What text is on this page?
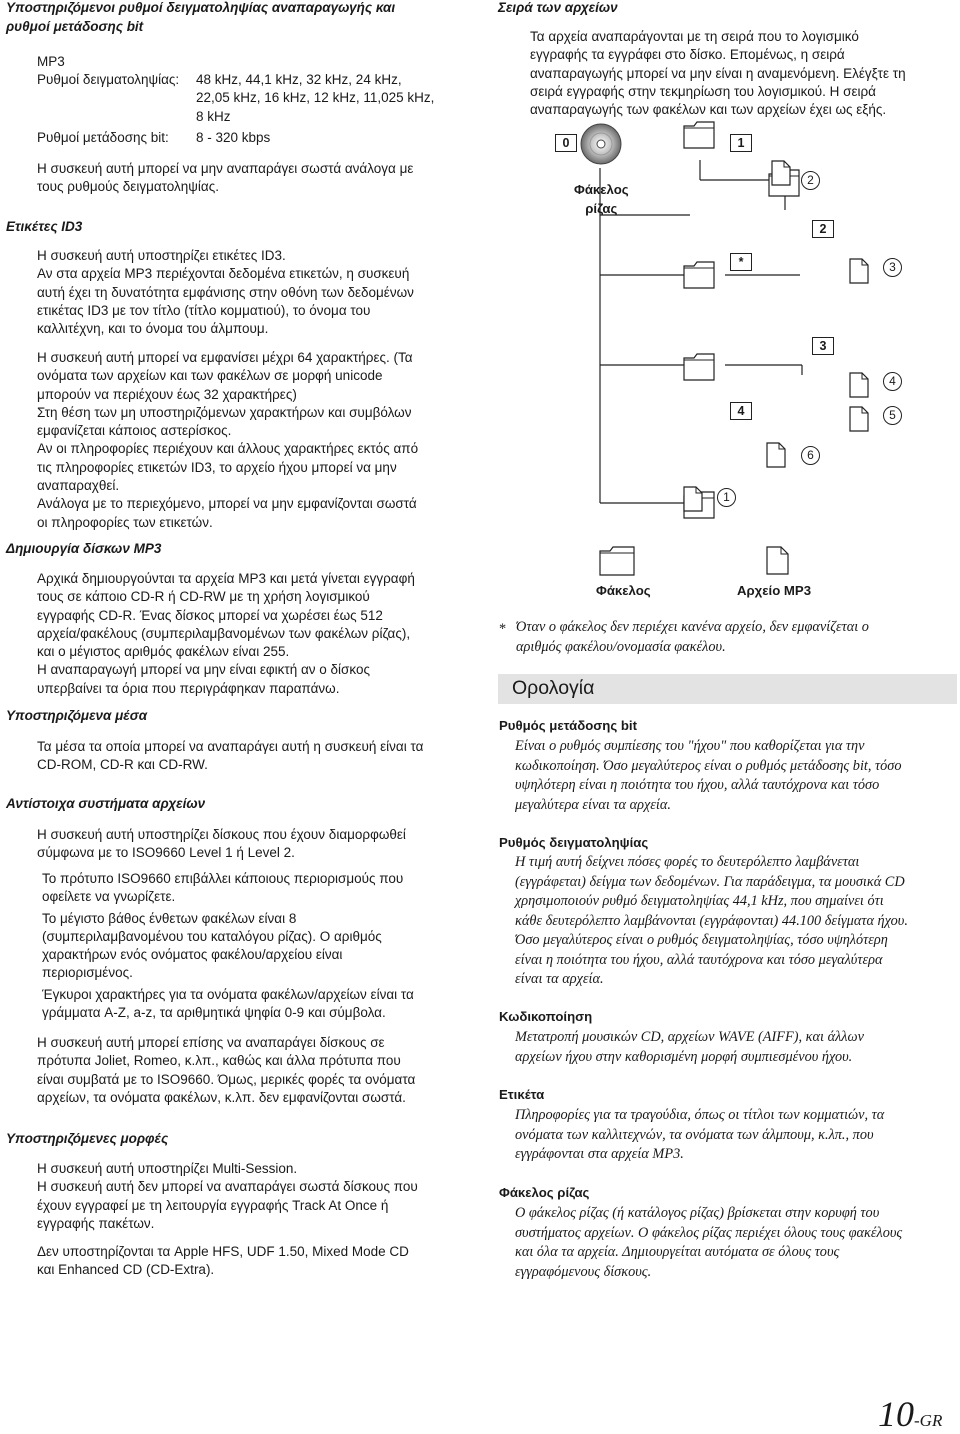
Υποστηριζόμενοι ρυθμοί δειγματοληψίας αναπαραγωγής και
ρυθμοί μετάδοσης bit
MP3
Ρυθμοί δειγματοληψίας: 48 kHz, 44,1 kHz, 32 kHz, 24 kHz,
22,05 kHz, 16 kHz, 12 kHz, 11,025 kHz,
8 kHz
Ρυθμοί μετάδοσης bit: 8 - 320 kbps
Η συσκευή αυτή μπορεί να μην αναπαράγει σωστά ανάλογα με
τους ρυθμούς δειγματοληψίας.
Ετικέτες ID3
Η συσκευή αυτή υποστηρίζει ετικέτες ID3.
Αν στα αρχεία MP3 περιέχονται δεδομένα ετικετών, η συσκευή
αυτή έχει τη δυνατότητα εμφάνισης στην οθόνη των δεδομένων
ετικέτας ID3 με τον τίτλο (τίτλο κομματιού), το όνομα του
καλλιτέχνη, και το όνομα του άλμπουμ.
Η συσκευή αυτή μπορεί να εμφανίσει μέχρι 64 χαρακτήρες. (Τα
ονόματα των αρχείων και των φακέλων σε μορφή unicode
μπορούν να περιέχουν έως 32 χαρακτήρες)
Στη θέση των μη υποστηριζόμενων χαρακτήρων και συμβόλων
εμφανίζεται κάποιος αστερίσκος.
Αν οι πληροφορίες περιέχουν και άλλους χαρακτήρες εκτός από
τις πληροφορίες ετικετών ID3, το αρχείο ήχου μπορεί να μην
αναπαραχθεί.
Ανάλογα με το περιεχόμενο, μπορεί να μην εμφανίζονται σωστά
οι πληροφορίες των ετικετών.
Δημιουργία δίσκων MP3
Αρχικά δημιουργούνται τα αρχεία MP3 και μετά γίνεται εγγραφή
τους σε κάποιο CD-R ή CD-RW με τη χρήση λογισμικού
εγγραφής CD-R. Ένας δίσκος μπορεί να χωρέσει έως 512
αρχεία/φακέλους (συμπεριλαμβανομένων των φακέλων ρίζας),
και ο μέγιστος αριθμός φακέλων είναι 255.
Η αναπαραγωγή μπορεί να μην είναι εφικτή αν ο δίσκος
υπερβαίνει τα όρια που περιγράφηκαν παραπάνω.
Υποστηριζόμενα μέσα
Τα μέσα τα οποία μπορεί να αναπαράγει αυτή η συσκευή είναι τα
CD-ROM, CD-R και CD-RW.
Αντίστοιχα συστήματα αρχείων
Η συσκευή αυτή υποστηρίζει δίσκους που έχουν διαμορφωθεί
σύμφωνα με το ISO9660 Level 1 ή Level 2.
Το πρότυπο ISO9660 επιβάλλει κάποιους περιορισμούς που
οφείλετε να γνωρίζετε.
Το μέγιστο βάθος ένθετων φακέλων είναι 8
(συμπεριλαμβανομένου του καταλόγου ρίζας). Ο αριθμός
χαρακτήρων ενός ονόματος φακέλου/αρχείου είναι
περιορισμένος.
Έγκυροι χαρακτήρες για τα ονόματα φακέλων/αρχείων είναι τα
γράμματα A-Z, a-z, τα αριθμητικά ψηφία 0-9 και σύμβολα.
Η συσκευή αυτή μπορεί επίσης να αναπαράγει δίσκους σε
πρότυπα Joliet, Romeo, κ.λπ., καθώς και άλλα πρότυπα που
είναι συμβατά με το ISO9660. Όμως, μερικές φορές τα ονόματα
αρχείων, τα ονόματα φακέλων, κ.λπ. δεν εμφανίζονται σωστά.
Υποστηριζόμενες μορφές
Η συσκευή αυτή υποστηρίζει Multi-Session.
Η συσκευή αυτή δεν μπορεί να αναπαράγει σωστά δίσκους που
έχουν εγγραφεί με τη λειτουργία εγγραφής Track At Once ή
εγγραφής πακέτων.
Δεν υποστηρίζονται τα Apple HFS, UDF 1.50, Mixed Mode CD
και Enhanced CD (CD-Extra).
Σειρά των αρχείων
Τα αρχεία αναπαράγονται με τη σειρά που το λογισμικό
εγγραφής τα εγγράφει στο δίσκο. Επομένως, η σειρά
αναπαραγωγής μπορεί να μην είναι η αναμενόμενη. Ελέγξτε τη
σειρά εγγραφής στην τεκμηρίωση του λογισμικού. Η σειρά
αναπαραγωγής των φακέλων και των αρχείων έχει ως εξής.
0	1
Φάκελος
ρίζας
2
*
3
4
2
3
4
5
6
1
Φάκελος	Αρχείο MP3
* Όταν ο φάκελος δεν περιέχει κανένα αρχείο, δεν εμφανίζεται ο
αριθμός φακέλου/ονομασία φακέλου.
Ορολογία
Ρυθμός μετάδοσης bit
Είναι ο ρυθμός συμπίεσης του "ήχου" που καθορίζεται για την
κωδικοποίηση. Όσο μεγαλύτερος είναι ο ρυθμός μετάδοσης bit, τόσο
υψηλότερη είναι η ποιότητα του ήχου, αλλά ταυτόχρονα και τόσο
μεγαλύτερα είναι τα αρχεία.
Ρυθμός δειγματοληψίας
Η τιμή αυτή δείχνει πόσες φορές το δευτερόλεπτο λαμβάνεται
(εγγράφεται) δείγμα των δεδομένων. Για παράδειγμα, τα μουσικά CD
χρησιμοποιούν ρυθμό δειγματοληψίας 44,1 kHz, που σημαίνει ότι
κάθε δευτερόλεπτο λαμβάνονται (εγγράφονται) 44.100 δείγματα ήχου.
Όσο μεγαλύτερος είναι ο ρυθμός δειγματοληψίας, τόσο υψηλότερη
είναι η ποιότητα του ήχου, αλλά ταυτόχρονα και τόσο μεγαλύτερα
είναι τα αρχεία.
Κωδικοποίηση
Μετατροπή μουσικών CD, αρχείων WAVE (AIFF), και άλλων
αρχείων ήχου στην καθορισμένη μορφή συμπιεσμένου ήχου.
Ετικέτα
Πληροφορίες για τα τραγούδια, όπως οι τίτλοι των κομματιών, τα
ονόματα των καλλιτεχνών, τα ονόματα των άλμπουμ, κ.λπ., που
εγγράφονται στα αρχεία MP3.
Φάκελος ρίζας
Ο φάκελος ρίζας (ή κατάλογος ρίζας) βρίσκεται στην κορυφή του
συστήματος αρχείων. Ο φάκελος ρίζας περιέχει όλους τους φακέλους
και όλα τα αρχεία. Δημιουργείται αυτόματα σε όλους τους
εγγραφόμενους δίσκους.
10-GR
